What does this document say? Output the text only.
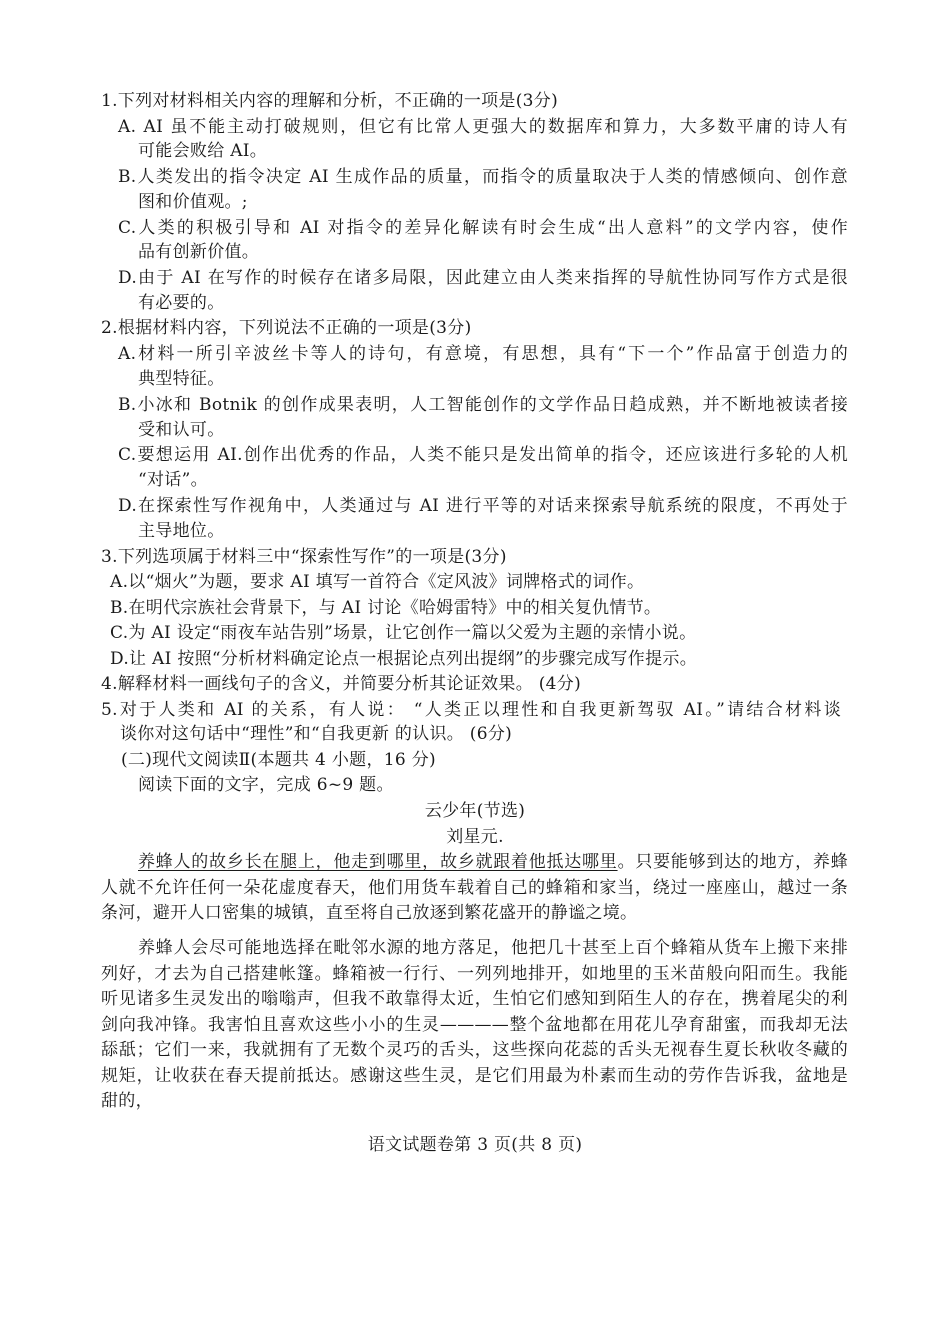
1.下列对材料相关内容的理解和分析，不正确的一项是(3分)
A. AI 虽不能主动打破规则，但它有比常人更强大的数据库和算力，大多数平庸的诗人有
可能会败给 AI。
B.人类发出的指令决定 AI 生成作品的质量，而指令的质量取决于人类的情感倾向、创作意
图和价值观。;
C.人类的积极引导和 AI 对指令的差异化解读有时会生成“出人意料”的文学内容，使作
品有创新价值。
D.由于 AI 在写作的时候存在诸多局限，因此建立由人类来指挥的导航性协同写作方式是很
有必要的。
2.根据材料内容，下列说法不正确的一项是(3分)
A.材料一所引辛波丝卡等人的诗句，有意境，有思想，具有“下一个”作品富于创造力的
典型特征。
B.小冰和 Botnik 的创作成果表明，人工智能创作的文学作品日趋成熟，并不断地被读者接
受和认可。
C.要想运用 AI.创作出优秀的作品，人类不能只是发出简单的指令，还应该进行多轮的人机
“对话”。
D.在探索性写作视角中，人类通过与 AI 进行平等的对话来探索导航系统的限度，不再处于
主导地位。
3.下列选项属于材料三中“探索性写作”的一项是(3分)
A.以“烟火”为题，要求 AI 填写一首符合《定风波》词牌格式的词作。
B.在明代宗族社会背景下，与 AI 讨论《哈姆雷特》中的相关复仇情节。
C.为 AI 设定“雨夜车站告别”场景，让它创作一篇以父爱为主题的亲情小说。
D.让 AI 按照“分析材料确定论点一根据论点列出提纲”的步骤完成写作提示。
4.解释材料一画线句子的含义，并简要分析其论证效果。 (4分)
5.对于人类和 AI 的关系，有人说： “人类正以理性和自我更新驾驭 AI。”请结合材料谈
谈你对这句话中“理性”和“自我更新 的认识。 (6分)
(二)现代文阅读Ⅱ(本题共 4 小题，16 分)
阅读下面的文字，完成 6~9 题。
云少年(节选)
刘星元.
养蜂人的故乡长在腿上，他走到哪里，故乡就跟着他抵达哪里。只要能够到达的地方，养蜂
人就不允许任何一朵花虚度春天，他们用货车载着自己的蜂箱和家当，绕过一座座山，越过一条
条河，避开人口密集的城镇，直至将自己放逐到繁花盛开的静谧之境。
养蜂人会尽可能地选择在毗邻水源的地方落足，他把几十甚至上百个蜂箱从货车上搬下来排
列好，才去为自己搭建帐篷。蜂箱被一行行、一列列地排开，如地里的玉米苗般向阳而生。我能
听见诸多生灵发出的嗡嗡声，但我不敢靠得太近，生怕它们感知到陌生人的存在，携着尾尖的利
剑向我冲锋。我害怕且喜欢这些小小的生灵————整个盆地都在用花儿孕育甜蜜，而我却无法
舔舐；它们一来，我就拥有了无数个灵巧的舌头，这些探向花蕊的舌头无视春生夏长秋收冬藏的
规矩，让收获在春天提前抵达。感谢这些生灵，是它们用最为朴素而生动的劳作告诉我，盆地是
甜的，
语文试题卷第 3 页(共 8 页)
